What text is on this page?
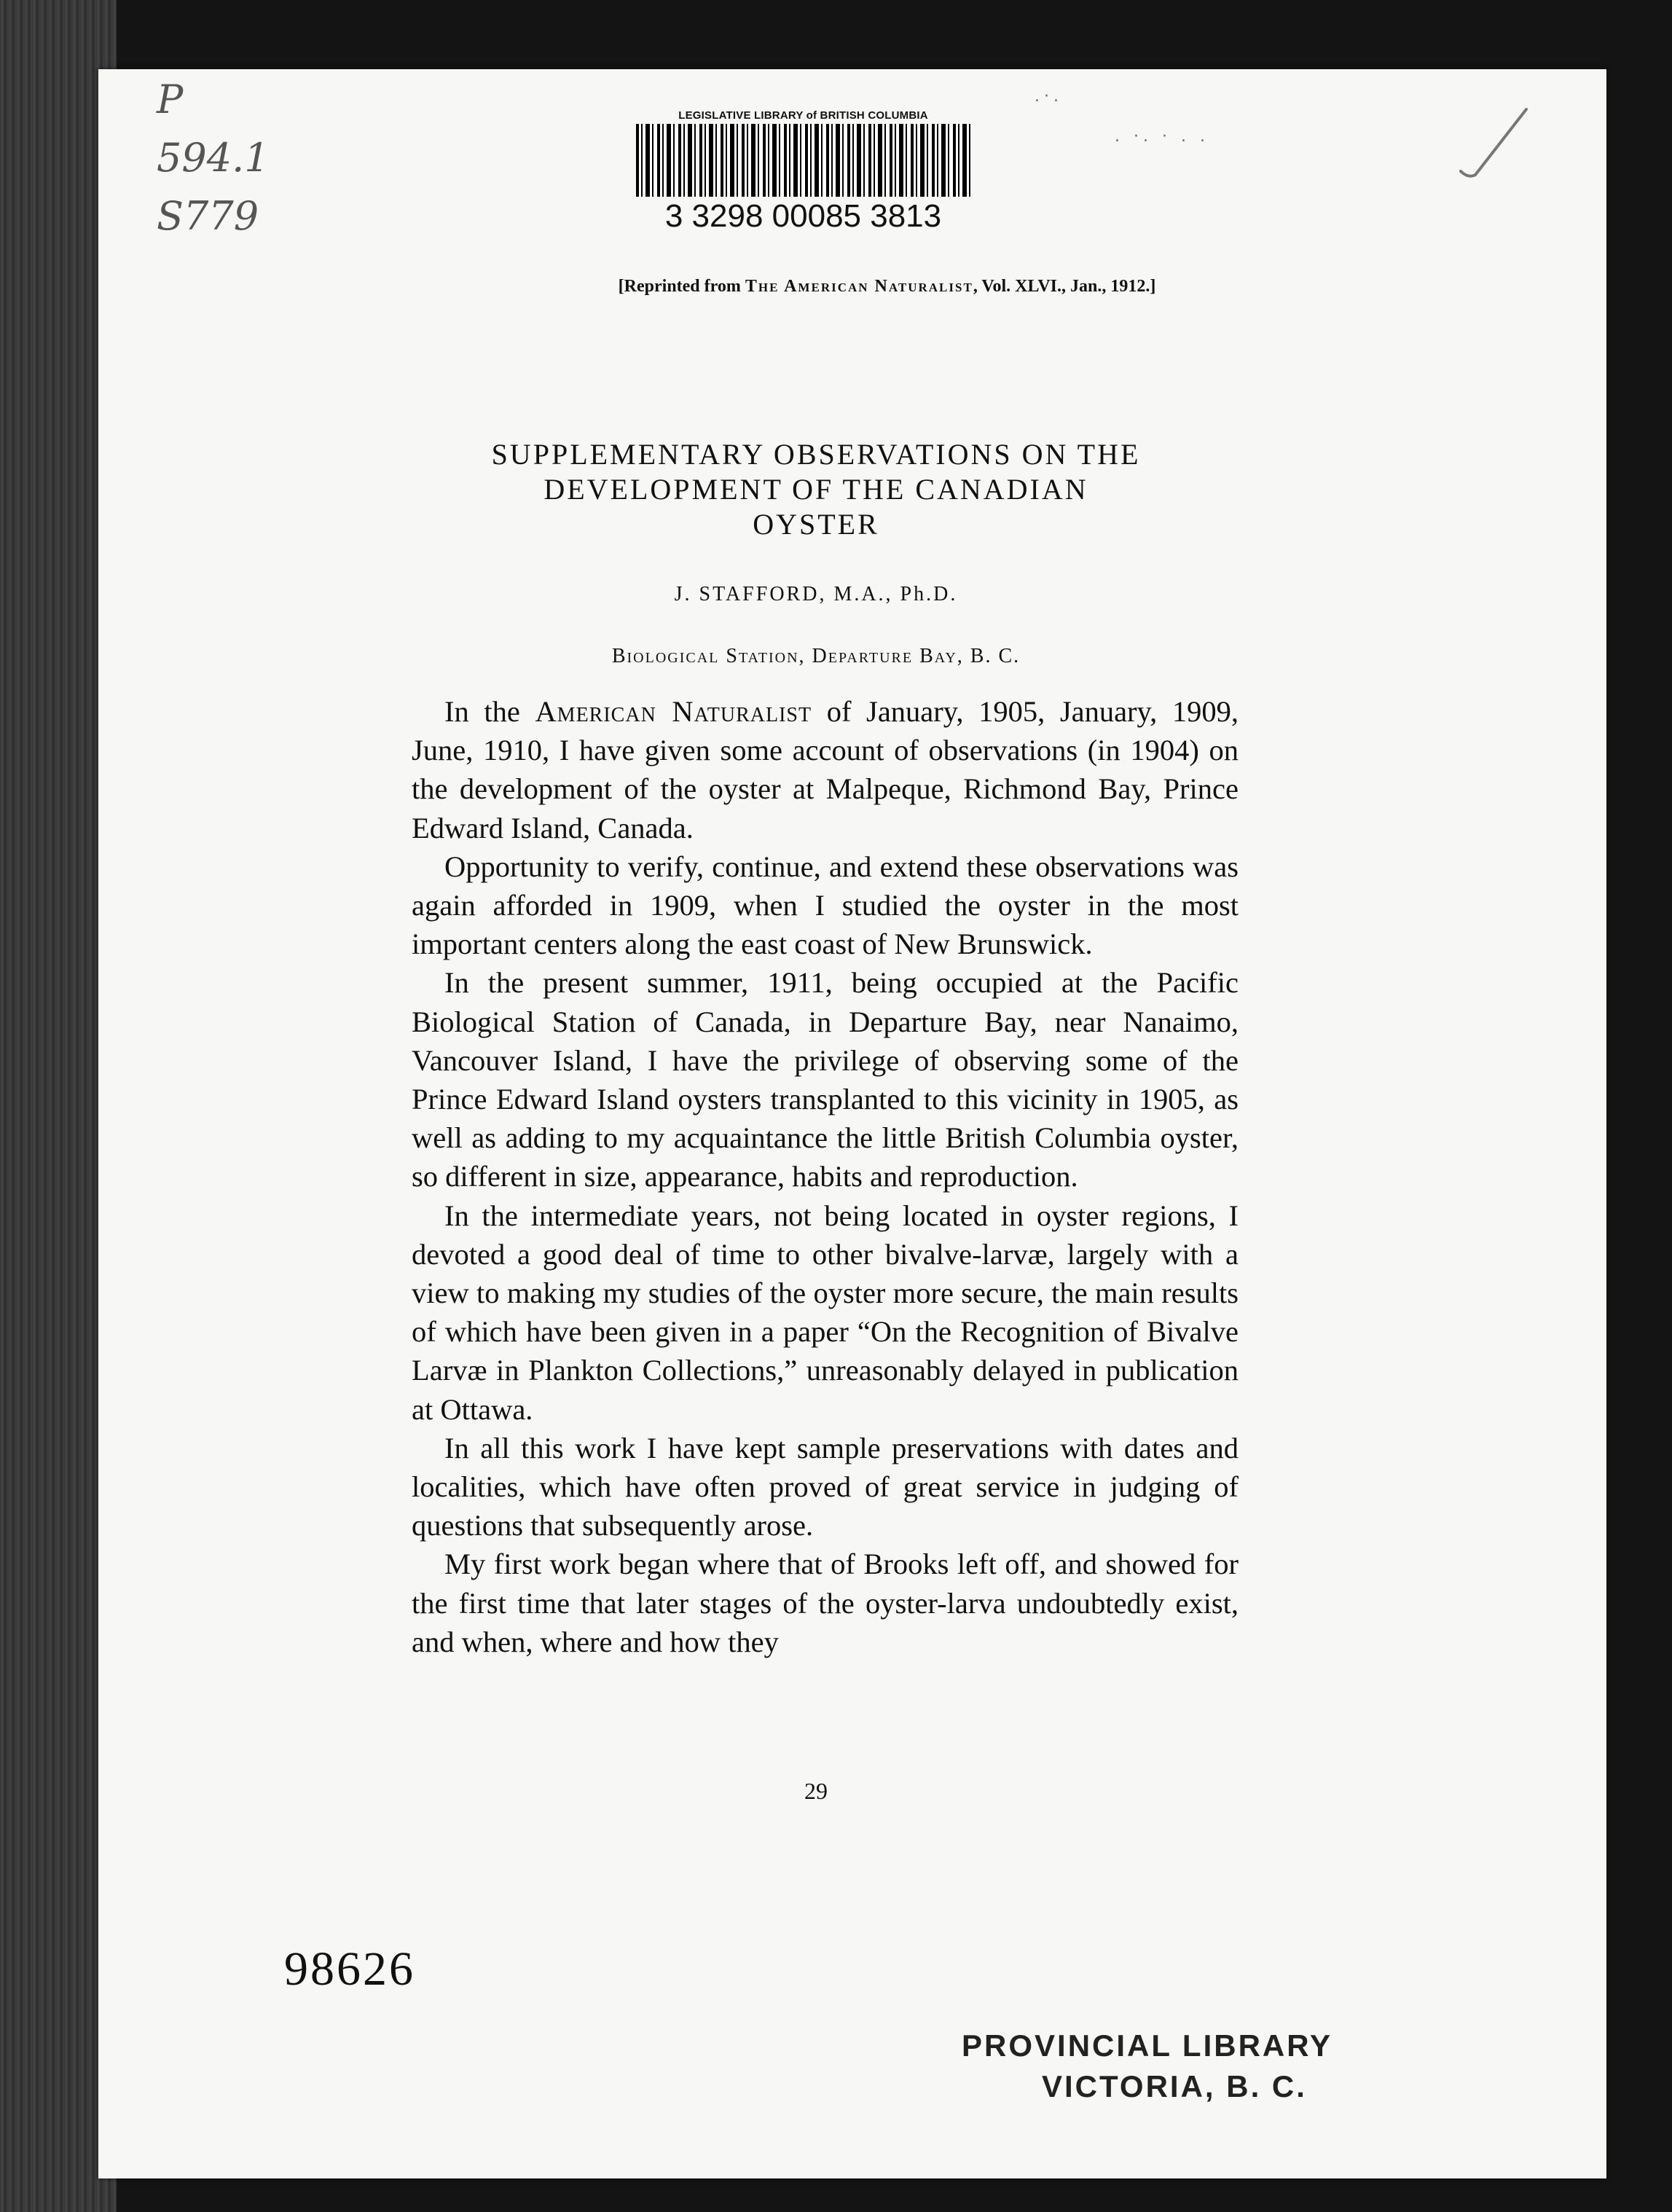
P
594.1
S779
LEGISLATIVE LIBRARY of BRITISH COLUMBIA
3 3298 00085 3813
.·.
. ·. · . .
[Reprinted from The American Naturalist, Vol. XLVI., Jan., 1912.]
SUPPLEMENTARY OBSERVATIONS ON THE
DEVELOPMENT OF THE CANADIAN
OYSTER
J. STAFFORD, M.A., Ph.D.
Biological Station, Departure Bay, B. C.

In the American Naturalist of January, 1905, January, 1909, June, 1910, I have given some account of observations (in 1904) on the development of the oyster at Malpeque, Richmond Bay, Prince Edward Island, Canada.

Opportunity to verify, continue, and extend these observations was again afforded in 1909, when I studied the oyster in the most important centers along the east coast of New Brunswick.

In the present summer, 1911, being occupied at the Pacific Biological Station of Canada, in Departure Bay, near Nanaimo, Vancouver Island, I have the privilege of observing some of the Prince Edward Island oysters transplanted to this vicinity in 1905, as well as adding to my acquaintance the little British Columbia oyster, so different in size, appearance, habits and reproduction.

In the intermediate years, not being located in oyster regions, I devoted a good deal of time to other bivalve-larvæ, largely with a view to making my studies of the oyster more secure, the main results of which have been given in a paper “On the Recognition of Bivalve Larvæ in Plankton Collections,” unreasonably delayed in publication at Ottawa.

In all this work I have kept sample preservations with dates and localities, which have often proved of great service in judging of questions that subsequently arose.

My first work began where that of Brooks left off, and showed for the first time that later stages of the oyster-larva undoubtedly exist, and when, where and how they

29
98626
PROVINCIAL LIBRARY
VICTORIA, B. C.
